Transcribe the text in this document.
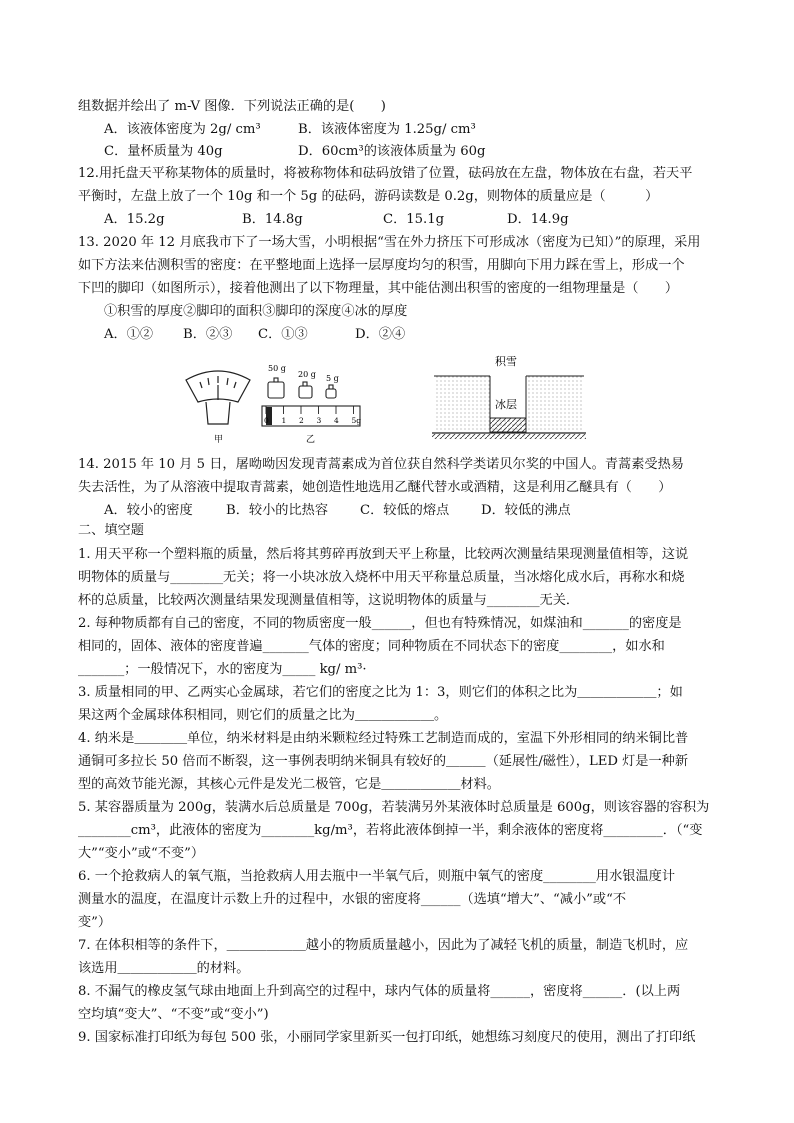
组数据并绘出了 m-V 图像．下列说法正确的是(　　)
A．该液体密度为 2g/ cm³	B．该液体密度为 1.25g/ cm³
C．量杯质量为 40g	D．60cm³的该液体质量为 60g
12.用托盘天平称某物体的质量时，将被称物体和砝码放错了位置，砝码放在左盘，物体放在右盘，若天平
平衡时，左盘上放了一个 10g 和一个 5g 的砝码，游码读数是 0.2g，则物体的质量应是（　　　）
A．15.2g	B．14.8g	C．15.1g	D．14.9g
13. 2020 年 12 月底我市下了一场大雪，小明根据“雪在外力挤压下可形成冰（密度为已知）”的原理，采用
如下方法来估测积雪的密度：在平整地面上选择一层厚度均匀的积雪，用脚向下用力踩在雪上，形成一个
下凹的脚印（如图所示），接着他测出了以下物理量，其中能估测出积雪的密度的一组物理量是（　　）
①积雪的厚度②脚印的面积③脚印的深度④冰的厚度
A．①② B．②③ C．①③	D．②④
甲
50 g
20 g 5 g
0 1 2 3 4 5g
乙
积雪
冰层
14. 2015 年 10 月 5 日，屠呦呦因发现青蒿素成为首位获自然科学类诺贝尔奖的中国人。青蒿素受热易
失去活性，为了从溶液中提取青蒿素，她创造性地选用乙醚代替水或酒精，这是利用乙醚具有（　　）
A．较小的密度	B．较小的比热容 C．较低的熔点 D．较低的沸点
二、填空题
1. 用天平称一个塑料瓶的质量，然后将其剪碎再放到天平上称量，比较两次测量结果现测量值相等，这说
明物体的质量与________无关；将一小块冰放入烧杯中用天平称量总质量，当冰熔化成水后，再称水和烧
杯的总质量，比较两次测量结果发现测量值相等，这说明物体的质量与________无关．
2. 每种物质都有自己的密度，不同的物质密度一般______，但也有特殊情况，如煤油和_______的密度是
相同的，固体、液体的密度普遍_______气体的密度；同种物质在不同状态下的密度________，如水和
_______；一般情况下，水的密度为_____ kg/ m³·
3. 质量相同的甲、乙两实心金属球，若它们的密度之比为 1：3，则它们的体积之比为＿＿＿＿＿＿；如
果这两个金属球体积相同，则它们的质量之比为＿＿＿＿＿＿。
4. 纳米是＿＿＿＿单位，纳米材料是由纳米颗粒经过特殊工艺制造而成的，室温下外形相同的纳米铜比普
通铜可多拉长 50 倍而不断裂，这一事例表明纳米铜具有较好的＿＿＿（延展性/磁性），LED 灯是一种新
型的高效节能光源，其核心元件是发光二极管，它是＿＿＿＿＿＿材料。
5. 某容器质量为 200g，装满水后总质量是 700g，若装满另外某液体时总质量是 600g，则该容器的容积为
________cm³，此液体的密度为________kg/m³，若将此液体倒掉一半，剩余液体的密度将_________．（“变
大”“变小”或“不变”）
6. 一个抢救病人的氧气瓶，当抢救病人用去瓶中一半氧气后，则瓶中氧气的密度________用水银温度计
测量水的温度，在温度计示数上升的过程中，水银的密度将______（选填“增大”、“减小”或“不
变”）
7. 在体积相等的条件下，＿＿＿＿＿＿越小的物质质量越小，因此为了减轻飞机的质量，制造飞机时，应
该选用＿＿＿＿＿＿的材料。
8. 不漏气的橡皮氢气球由地面上升到高空的过程中，球内气体的质量将______，密度将______．(以上两
空均填“变大”、“不变”或“变小”)
9. 国家标准打印纸为每包 500 张，小丽同学家里新买一包打印纸，她想练习刻度尺的使用，测出了打印纸
